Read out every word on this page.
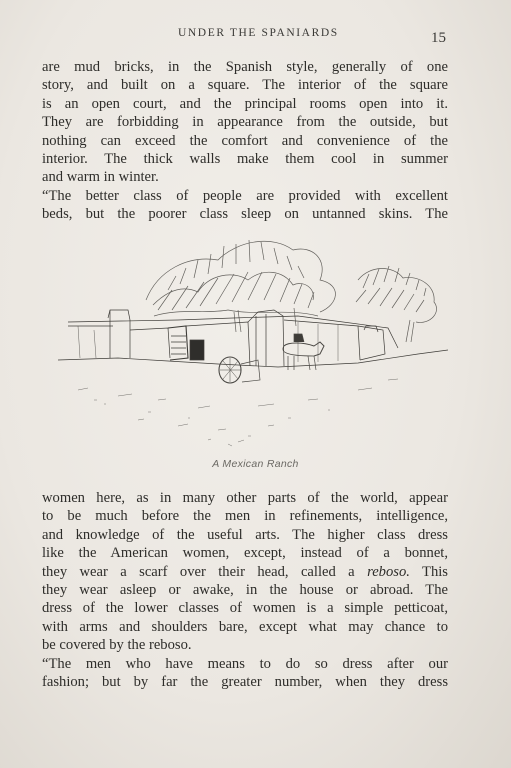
UNDER THE SPANIARDS	15
are mud bricks, in the Spanish style, generally of one
story, and built on a square. The interior of the square
is an open court, and the principal rooms open into it.
They are forbidding in appearance from the outside, but
nothing can exceed the comfort and convenience of the
interior. The thick walls make them cool in summer
and warm in winter.
“The better class of people are provided with excellent
beds, but the poorer class sleep on untanned skins. The
A Mexican Ranch
women here, as in many other parts of the world, appear
to be much before the men in refinements, intelligence,
and knowledge of the useful arts. The higher class dress
like the American women, except, instead of a bonnet,
they wear a scarf over their head, called a reboso. This
they wear asleep or awake, in the house or abroad. The
dress of the lower classes of women is a simple petticoat,
with arms and shoulders bare, except what may chance to
be covered by the reboso.
“The men who have means to do so dress after our
fashion; but by far the greater number, when they dress
